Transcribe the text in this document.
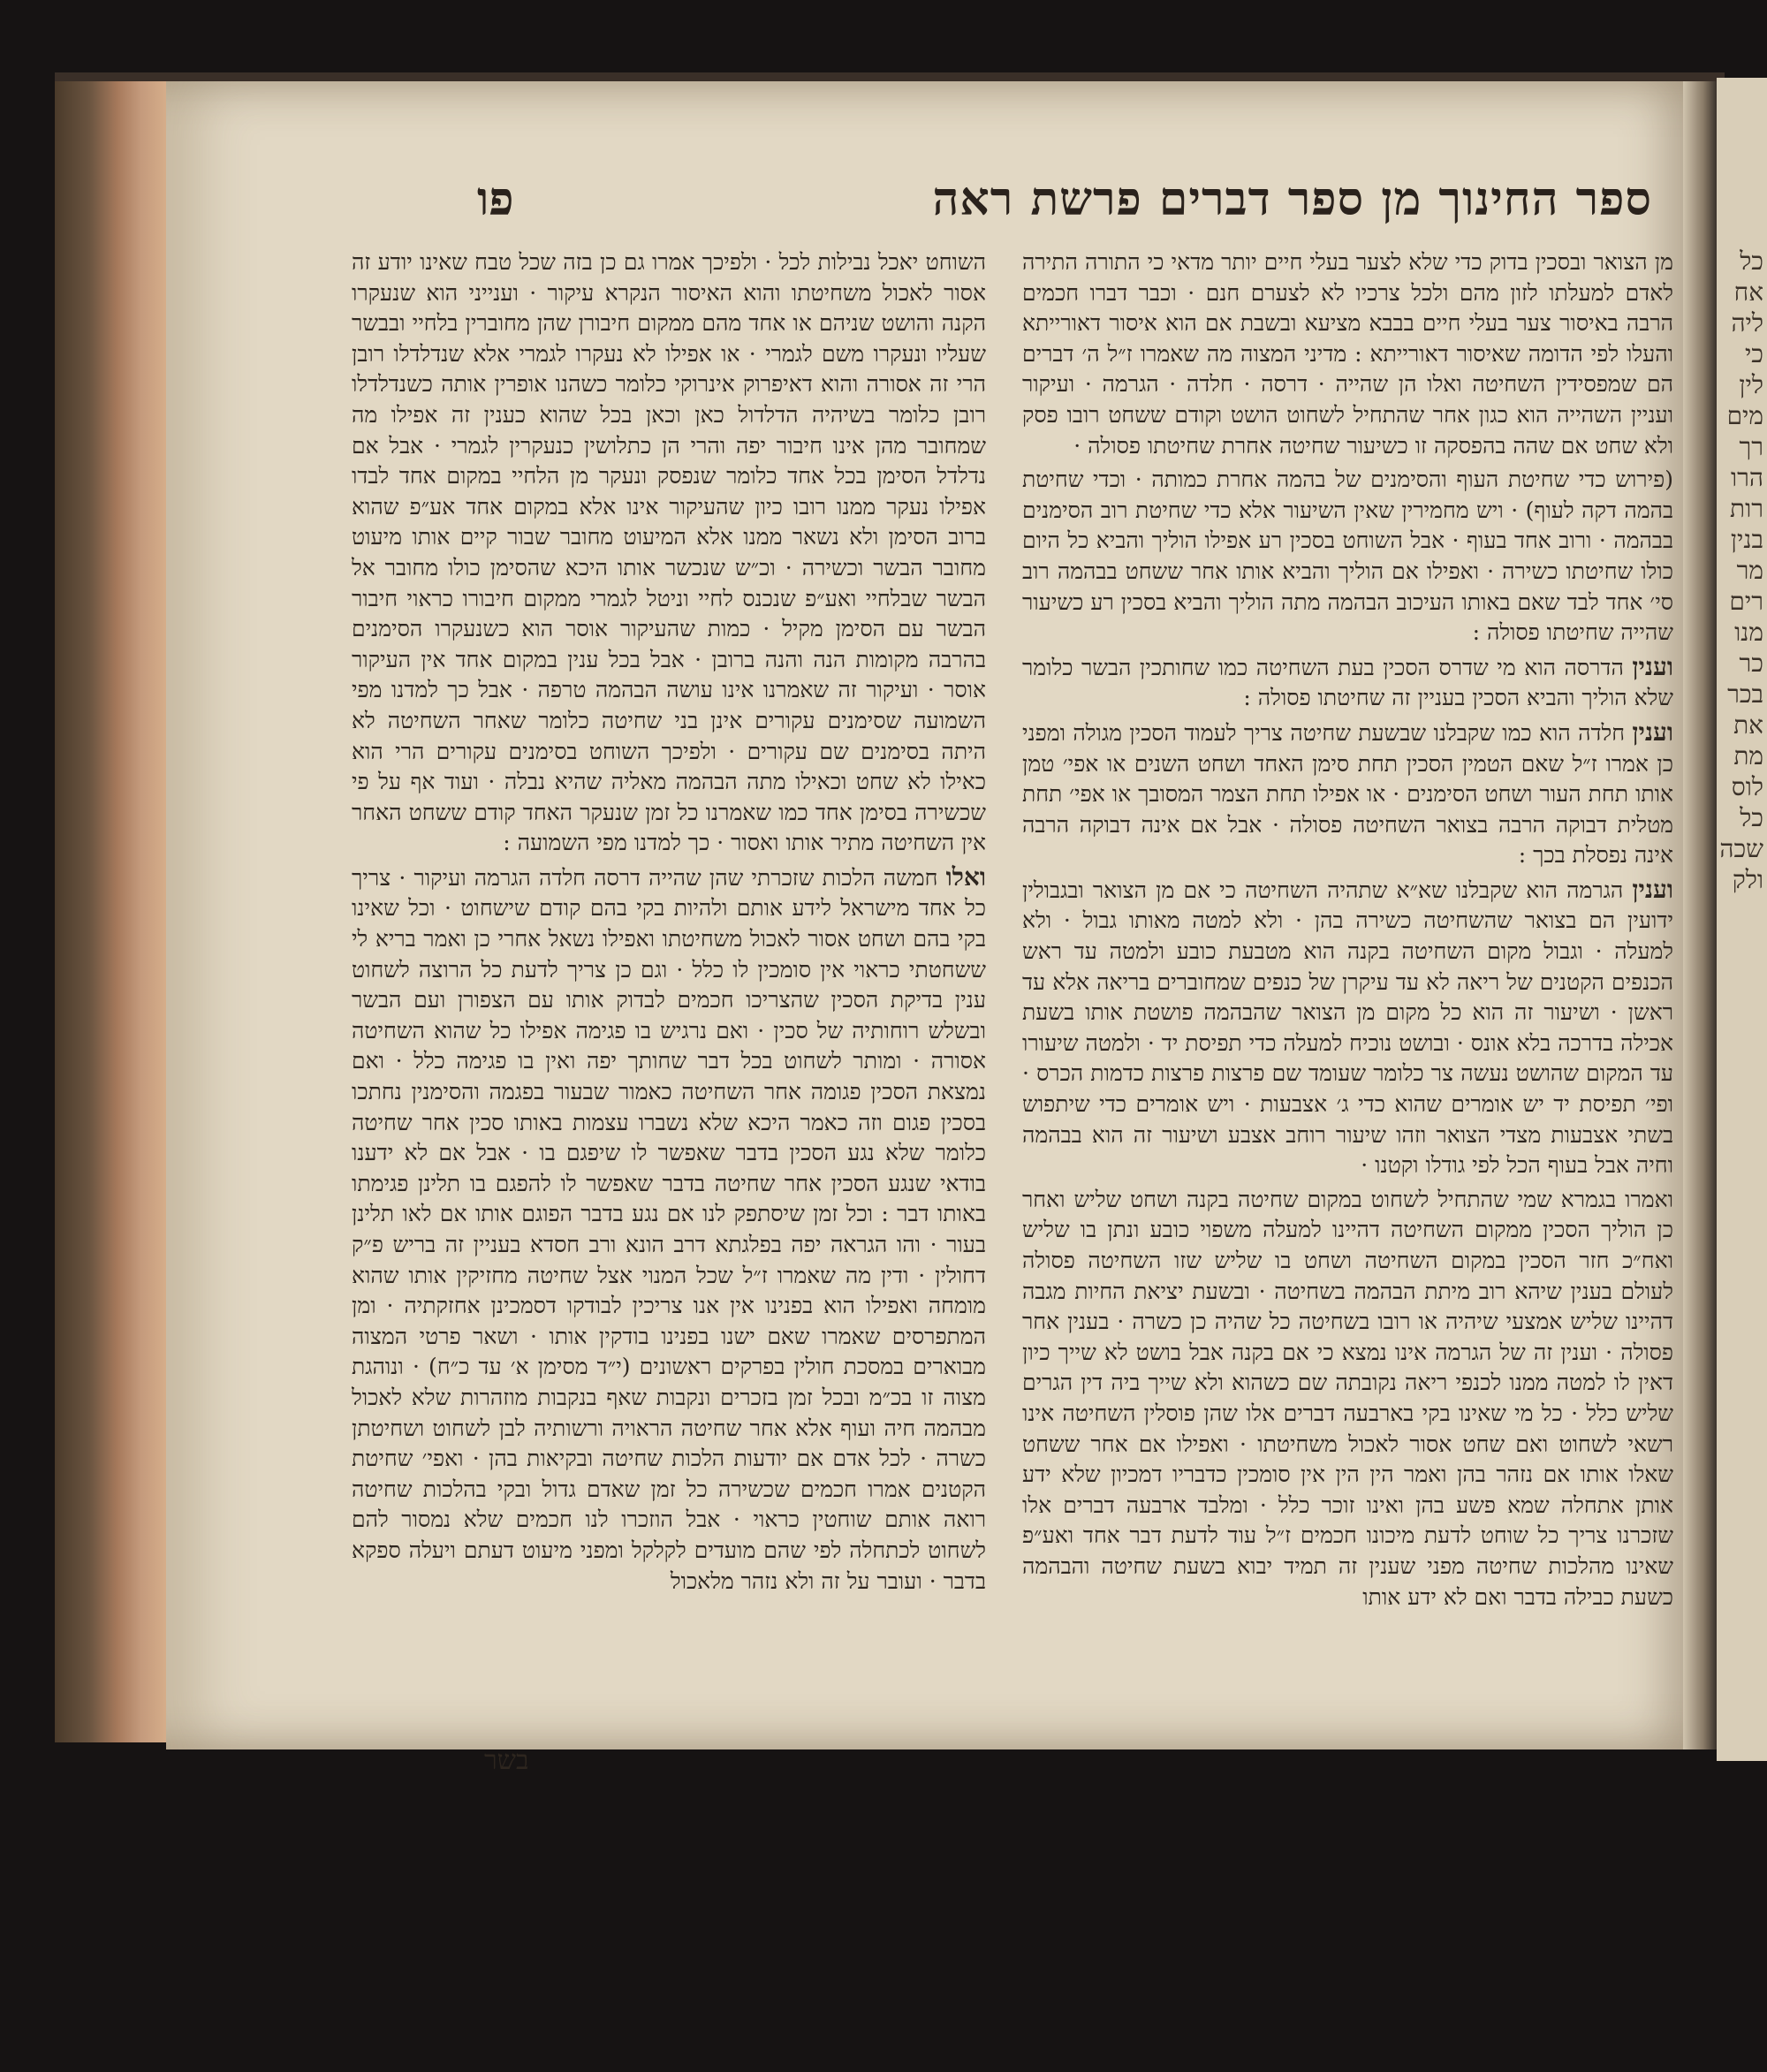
כל
אח
ליה
כי
לין
מים
רך
הרו
רות
בנין
מר
רים
מנו
כר
בכר
את
מת
לוס
כל
שכה
ולק
ספר החינוך מן ספר דברים פרשת ראה
פו

מן הצואר ובסכין בדוק כדי שלא לצער בעלי חיים יותר מדאי כי התורה התירה לאדם למעלתו לזון מהם ולכל צרכיו לא לצערם חנם · וכבר דברו חכמים הרבה באיסור צער בעלי חיים בבבא מציעא ובשבת אם הוא איסור דאורייתא והעלו לפי הדומה שאיסור דאורייתא : מדיני המצוה מה שאמרו ז״ל ה׳ דברים הם שמפסידין השחיטה ואלו הן שהייה · דרסה · חלדה · הגרמה · ועיקור ועניין השהייה הוא כגון אחר שהתחיל לשחוט הושט וקודם ששחט רובו פסק ולא שחט אם שהה בהפסקה זו כשיעור שחיטה אחרת שחיטתו פסולה ·

(פירוש כדי שחיטת העוף והסימנים של בהמה אחרת כמותה · וכדי שחיטת בהמה דקה לעוף) · ויש מחמירין שאין השיעור אלא כדי שחיטת רוב הסימנים בבהמה · ורוב אחד בעוף · אבל השוחט בסכין רע אפילו הוליך והביא כל היום כולו שחיטתו כשירה · ואפילו אם הוליך והביא אותו אחר ששחט בבהמה רוב סי׳ אחד לבד שאם באותו העיכוב הבהמה מתה הוליך והביא בסכין רע כשיעור שהייה שחיטתו פסולה :

וענין הדרסה הוא מי שדרס הסכין בעת השחיטה כמו שחותכין הבשר כלומר שלא הוליך והביא הסכין בעניין זה שחיטתו פסולה :

וענין חלדה הוא כמו שקבלנו שבשעת שחיטה צריך לעמוד הסכין מגולה ומפני כן אמרו ז״ל שאם הטמין הסכין תחת סימן האחד ושחט השנים או אפי׳ טמן אותו תחת העור ושחט הסימנים · או אפילו תחת הצמר המסובך או אפי׳ תחת מטלית דבוקה הרבה בצואר השחיטה פסולה · אבל אם אינה דבוקה הרבה אינה נפסלת בכך :

וענין הגרמה הוא שקבלנו שא״א שתהיה השחיטה כי אם מן הצואר ובגבולין ידועין הם בצואר שהשחיטה כשירה בהן · ולא למטה מאותו גבול · ולא למעלה · וגבול מקום השחיטה בקנה הוא מטבעת כובע ולמטה עד ראש הכנפים הקטנים של ריאה לא עד עיקרן של כנפים שמחוברים בריאה אלא עד ראשן · ושיעור זה הוא כל מקום מן הצואר שהבהמה פושטת אותו בשעת אכילה בדרכה בלא אונס · ובושט נוכיח למעלה כדי תפיסת יד · ולמטה שיעורו עד המקום שהושט נעשה צר כלומר שעומד שם פרצות פרצות כדמות הכרס · ופי׳ תפיסת יד יש אומרים שהוא כדי ג׳ אצבעות · ויש אומרים כדי שיתפוש בשתי אצבעות מצדי הצואר וזהו שיעור רוחב אצבע ושיעור זה הוא בבהמה וחיה אבל בעוף הכל לפי גודלו וקטנו ·

ואמרו בגמרא שמי שהתחיל לשחוט במקום שחיטה בקנה ושחט שליש ואחר כן הוליך הסכין ממקום השחיטה דהיינו למעלה משפוי כובע ונתן בו שליש ואח״כ חזר הסכין במקום השחיטה ושחט בו שליש שזו השחיטה פסולה לעולם בענין שיהא רוב מיתת הבהמה בשחיטה · ובשעת יציאת החיות מגבה דהיינו שליש אמצעי שיהיה או רובו בשחיטה כל שהיה כן כשרה · בענין אחר פסולה · וענין זה של הגרמה אינו נמצא כי אם בקנה אבל בושט לא שייך כיון דאין לו למטה ממנו לכנפי ריאה נקובתה שם כשהוא ולא שייך ביה דין הגרים שליש כלל · כל מי שאינו בקי בארבעה דברים אלו שהן פוסלין השחיטה אינו רשאי לשחוט ואם שחט אסור לאכול משחיטתו · ואפילו אם אחר ששחט שאלו אותו אם נזהר בהן ואמר הין הין אין סומכין כדבריו דמכיון שלא ידע אותן אתחלה שמא פשע בהן ואינו זוכר כלל · ומלבד ארבעה דברים אלו שזכרנו צריך כל שוחט לדעת מיכונו חכמים ז״ל עוד לדעת דבר אחד ואע״פ שאינו מהלכות שחיטה מפני שענין זה תמיד יבוא בשעת שחיטה והבהמה כשעת כבילה בדבר ואם לא ידע אותו

השוחט יאכל נבילות לכל · ולפיכך אמרו גם כן בזה שכל טבח שאינו יודע זה אסור לאכול משחיטתו והוא האיסור הנקרא עיקור · וענייני הוא שנעקרו הקנה והושט שניהם או אחד מהם ממקום חיבורן שהן מחוברין בלחיי ובבשר שעליו ונעקרו משם לגמרי · או אפילו לא נעקרו לגמרי אלא שנדלדלו רובן הרי זה אסורה והוא דאיפרוק אינרוקי כלומר כשהנו אופרין אותה כשנדלדלו רובן כלומר בשיהיה הדלדול כאן וכאן בכל שהוא כענין זה אפילו מה שמחובר מהן אינו חיבור יפה והרי הן כתלושין כנעקרין לגמרי · אבל אם נדלדל הסימן בכל אחד כלומר שנפסק ונעקר מן הלחיי במקום אחד לבדו אפילו נעקר ממנו רובו כיון שהעיקור אינו אלא במקום אחד אע״פ שהוא ברוב הסימן ולא נשאר ממנו אלא המיעוט מחובר שבור קיים אותו מיעוט מחובר הבשר וכשירה · וכ״ש שנכשר אותו היכא שהסימן כולו מחובר אל הבשר שבלחיי ואע״פ שנכנס לחיי וניטל לגמרי ממקום חיבורו כראוי חיבור הבשר עם הסימן מקיל · כמות שהעיקור אוסר הוא כשנעקרו הסימנים בהרבה מקומות הנה והנה ברובן · אבל בכל ענין במקום אחד אין העיקור אוסר · ועיקור זה שאמרנו אינו עושה הבהמה טרפה · אבל כך למדנו מפי השמועה שסימנים עקורים אינן בני שחיטה כלומר שאחר השחיטה לא היתה בסימנים שם עקורים · ולפיכך השוחט בסימנים עקורים הרי הוא כאילו לא שחט וכאילו מתה הבהמה מאליה שהיא נבלה · ועוד אף על פי שכשירה בסימן אחד כמו שאמרנו כל זמן שנעקר האחד קודם ששחט האחר אין השחיטה מתיר אותו ואסור · כך למדנו מפי השמועה :

ואלו חמשה הלכות שזכרתי שהן שהייה דרסה חלדה הגרמה ועיקור · צריך כל אחד מישראל לידע אותם ולהיות בקי בהם קודם שישחוט · וכל שאינו בקי בהם ושחט אסור לאכול משחיטתו ואפילו נשאל אחרי כן ואמר בריא לי ששחטתי כראוי אין סומכין לו כלל · וגם כן צריך לדעת כל הרוצה לשחוט ענין בדיקת הסכין שהצריכו חכמים לבדוק אותו עם הצפורן ועם הבשר ובשלש רוחותיה של סכין · ואם נרגיש בו פגימה אפילו כל שהוא השחיטה אסורה · ומותר לשחוט בכל דבר שחותך יפה ואין בו פגימה כלל · ואם נמצאת הסכין פגומה אחר השחיטה כאמור שבעור בפגמה והסימנין נחתכו בסכין פגום וזה כאמר היכא שלא נשברו עצמות באותו סכין אחר שחיטה כלומר שלא נגע הסכין בדבר שאפשר לו שיפגם בו · אבל אם לא ידענו בודאי שנגע הסכין אחר שחיטה בדבר שאפשר לו להפגם בו תלינן פגימתו באותו דבר : וכל זמן שיסתפק לנו אם נגע בדבר הפוגם אותו אם לאו תלינן בעור · והו הגראה יפה בפלגתא דרב הונא ורב חסדא בעניין זה בריש פ״ק דחולין · ודין מה שאמרו ז״ל שכל המנוי אצל שחיטה מחזיקין אותו שהוא מומחה ואפילו הוא בפנינו אין אנו צריכין לבודקו דסמכינן אחזקתיה · ומן המתפרסים שאמרו שאם ישנו בפנינו בודקין אותו · ושאר פרטי המצוה מבוארים במסכת חולין בפרקים ראשונים (י״ד מסימן א׳ עד כ״ח) · ונוהגת מצוה זו בכ״מ ובכל זמן בזכרים ונקבות שאף בנקבות מוזהרות שלא לאכול מבהמה חיה ועוף אלא אחר שחיטה הראויה ורשותיה לבן לשחוט ושחיטתן כשרה · לכל אדם אם יודעות הלכות שחיטה ובקיאות בהן · ואפי׳ שחיטת הקטנים אמרו חכמים שכשירה כל זמן שאדם גדול ובקי בהלכות שחיטה רואה אותם שוחטין כראוי · אבל הוזכרו לנו חכמים שלא נמסור להם לשחוט לכתחלה לפי שהם מועדים לקלקל ומפני מיעוט דעתם ויעלה ספקא בדבר · ועובר על זה ולא נזהר מלאכול

בשר
